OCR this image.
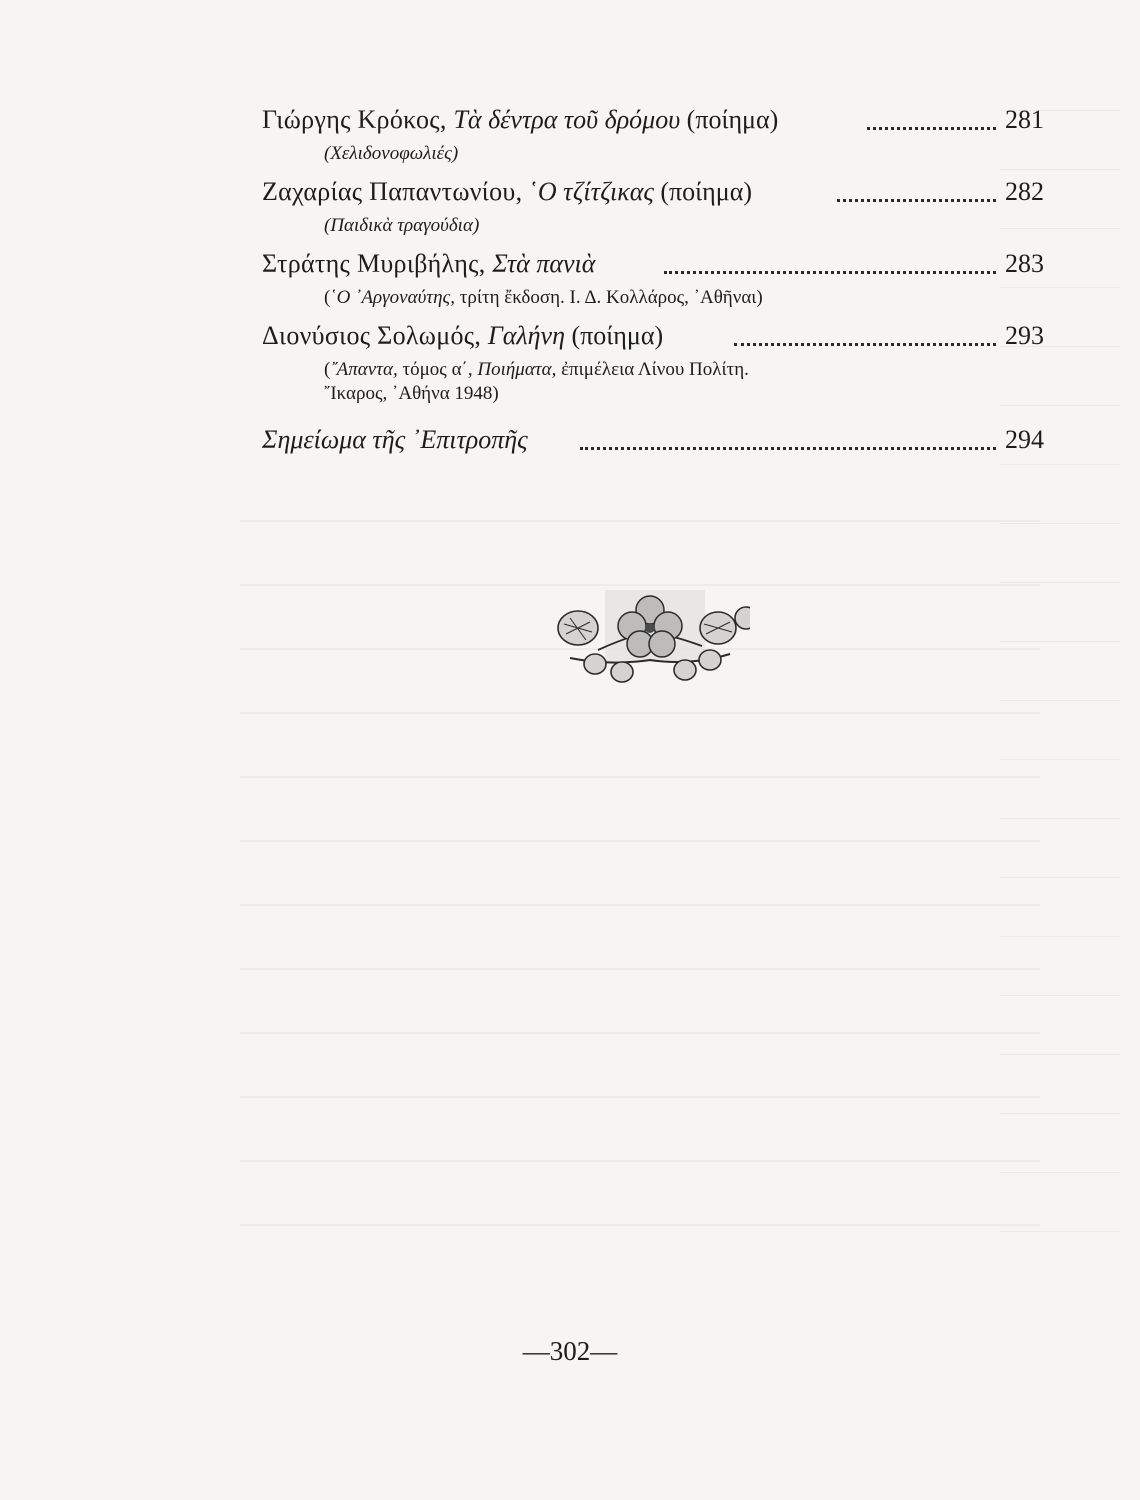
Γιώργης Κρόκος, Τὰ δέντρα τοῦ δρόμου (ποίημα)	281
(Χελιδονοφωλιές)
Ζαχαρίας Παπαντωνίου, ῾Ο τζίτζικας (ποίημα)	282
(Παιδικὰ τραγούδια)
Στράτης Μυριβήλης, Στὰ πανιὰ	283
(῾Ο ᾿Αργοναύτης, τρίτη ἔκδοση. Ι. Δ. Κολλάρος, ᾿Αθῆναι)
Διονύσιος Σολωμός, Γαλήνη (ποίημα)	293
(῎Απαντα, τόμος α΄, Ποιήματα, ἐπιμέλεια Λίνου Πολίτη.
῎Ικαρος, ᾿Αθήνα 1948)
Σημείωμα τῆς ᾿Επιτροπῆς	294
—302—
